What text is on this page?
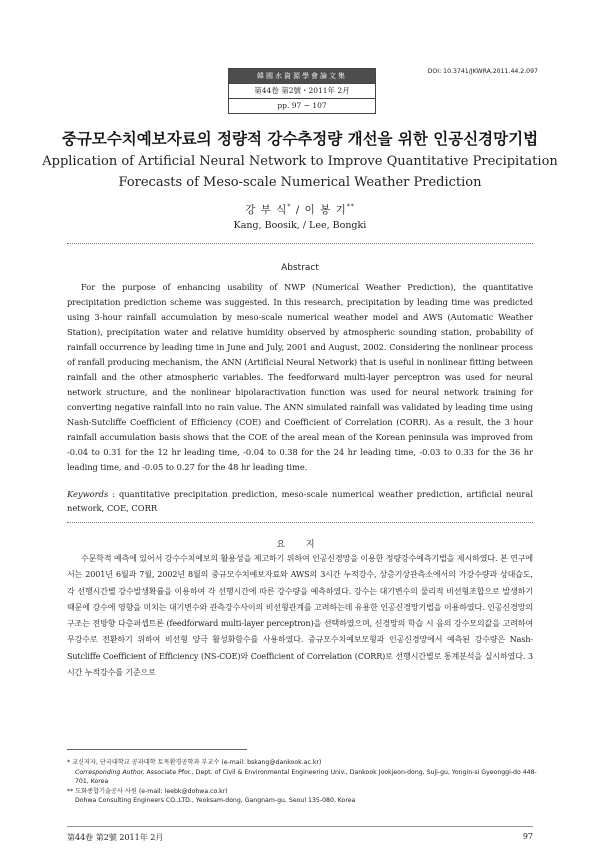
韓國水資源學會論文集
第44卷 第2號・2011年 2月
pp. 97 ~ 107
DOI: 10.3741/JKWRA.2011.44.2.097
중규모수치예보자료의 정량적 강수추정량 개선을 위한 인공신경망기법
Application of Artificial Neural Network to Improve Quantitative Precipitation
Forecasts of Meso-scale Numerical Weather Prediction
강 부 식* / 이 봉 기**
Kang, Boosik, / Lee, Bongki
Abstract
For the purpose of enhancing usability of NWP (Numerical Weather Prediction), the quantitative precipitation prediction scheme was suggested. In this research, precipitation by leading time was predicted using 3-hour rainfall accumulation by meso-scale numerical weather model and AWS (Automatic Weather Station), precipitation water and relative humidity observed by atmospheric sounding station, probability of rainfall occurrence by leading time in June and July, 2001 and August, 2002. Considering the nonlinear process of ranfall producing mechanism, the ANN (Artificial Neural Network) that is useful in nonlinear fitting between rainfall and the other atmospheric variables. The feedforward multi-layer perceptron was used for neural network structure, and the nonlinear bipolaractivation function was used for neural network training for converting negative rainfall into no rain value. The ANN simulated rainfall was validated by leading time using Nash-Sutcliffe Coefficient of Efficiency (COE) and Coefficient of Correlation (CORR). As a result, the 3 hour rainfall accumulation basis shows that the COE of the areal mean of the Korean peninsula was improved from -0.04 to 0.31 for the 12 hr leading time, -0.04 to 0.38 for the 24 hr leading time, -0.03 to 0.33 for the 36 hr leading time, and -0.05 to 0.27 for the 48 hr leading time.
Keywords : quantitative precipitation prediction, meso-scale numerical weather prediction, artificial neural network, COE, CORR
요 지
수문학적 예측에 있어서 강수수치예보의 활용성을 제고하기 위하여 인공신경망을 이용한 정량강수예측기법을 제시하였다. 본 연구에서는 2001년 6월과 7월, 2002년 8월의 중규모수치예보자료와 AWS의 3시간 누적강수, 상층기상관측소에서의 가강수량과 상대습도, 각 선행시간별 강수발생확률을 이용하여 각 선행시간에 따른 강수량을 예측하였다. 강수는 대기변수의 물리적 비선형조합으로 발생하기 때문에 강수에 영향을 미치는 대기변수와 관측강수사이의 비선형관계를 고려하는데 유용한 인공신경망기법을 이용하였다. 인공신경망의 구조는 전방향 다층퍼셉트론 (feedforward multi-layer perceptron)을 선택하였으며, 신경망의 학습 시 음의 강수모의값을 고려하여 무강수로 전환하기 위하여 비선형 양극 활성화함수를 사용하였다. 중규모수치예보모형과 인공신경망에서 예측된 강수량은 Nash-Sutcliffe Coefficient of Efficiency (NS-COE)와 Coefficient of Correlation (CORR)로 선행시간별로 통계분석을 실시하였다. 3시간 누적강수를 기준으로
* 교신저자, 단국대학교 공과대학 토목환경공학과 부교수 (e-mail: bskang@dankook.ac.kr)
Corresponding Author, Associate Pfor., Dept. of Civil & Environmental Engineering Univ., Dankook Jookjeon-dong, Suji-gu, Yongin-si Gyeonggi-do 448-701, Korea
** 도화종합기술공사 사원 (e-mail: leebk@dohwa.co.kr)
Dohwa Consulting Engineers CO.,LTD., Yeoksam-dong, Gangnam-gu, Seoul 135-080, Korea
第44卷 第2號 2011年 2月	97
